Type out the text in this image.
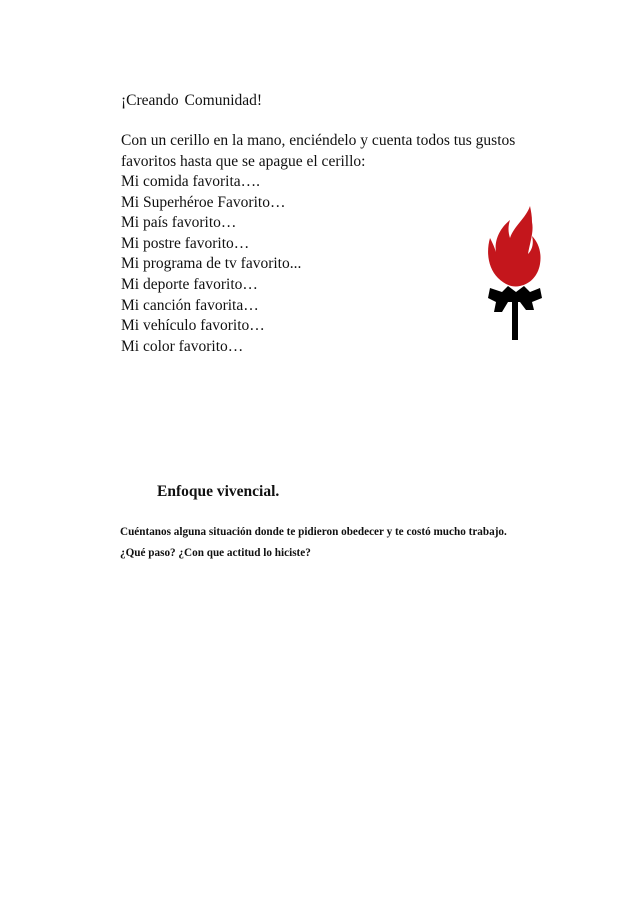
¡Creando Comunidad!

Con un cerillo en la mano, enciéndelo y cuenta todos tus gustos favoritos hasta que se apague el cerillo:

Mi comida favorita….
Mi Superhéroe Favorito…
Mi país favorito…
Mi postre favorito…
Mi programa de tv favorito...
Mi deporte favorito…
Mi canción favorita…
Mi vehículo favorito…
Mi color favorito…

Enfoque vivencial.

Cuéntanos alguna situación donde te pidieron obedecer y te costó mucho trabajo. ¿Qué paso? ¿Con que actitud lo hiciste?
